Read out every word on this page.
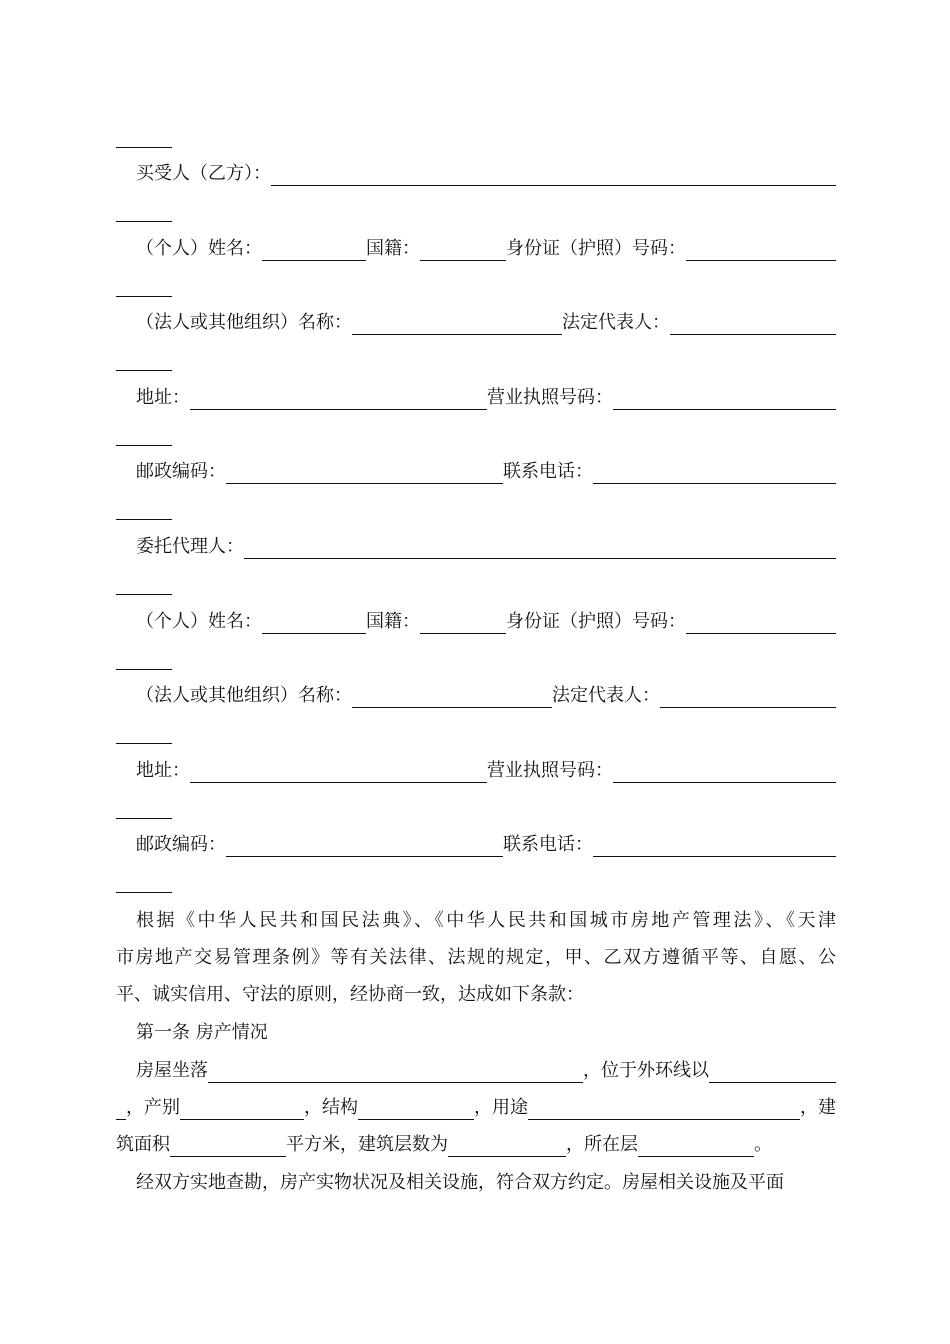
买受人（乙方）：
（个人）姓名：	国籍：	身份证（护照）号码：
（法人或其他组织）名称：	法定代表人：
地址：	营业执照号码：
邮政编码：	联系电话：
委托代理人：
（个人）姓名：	国籍：	身份证（护照）号码：
（法人或其他组织）名称：	法定代表人：
地址：	营业执照号码：
邮政编码：	联系电话：
根据《中华人民共和国民法典》、《中华人民共和国城市房地产管理法》、《天津
市房地产交易管理条例》等有关法律、法规的规定，甲、乙双方遵循平等、自愿、公
平、诚实信用、守法的原则，经协商一致，达成如下条款：
第一条 房产情况
房屋坐落	，位于外环线以
，产别	，结构	，用途	，建
筑面积	平方米，建筑层数为	，所在层	。
经双方实地查勘，房产实物状况及相关设施，符合双方约定。房屋相关设施及平面
